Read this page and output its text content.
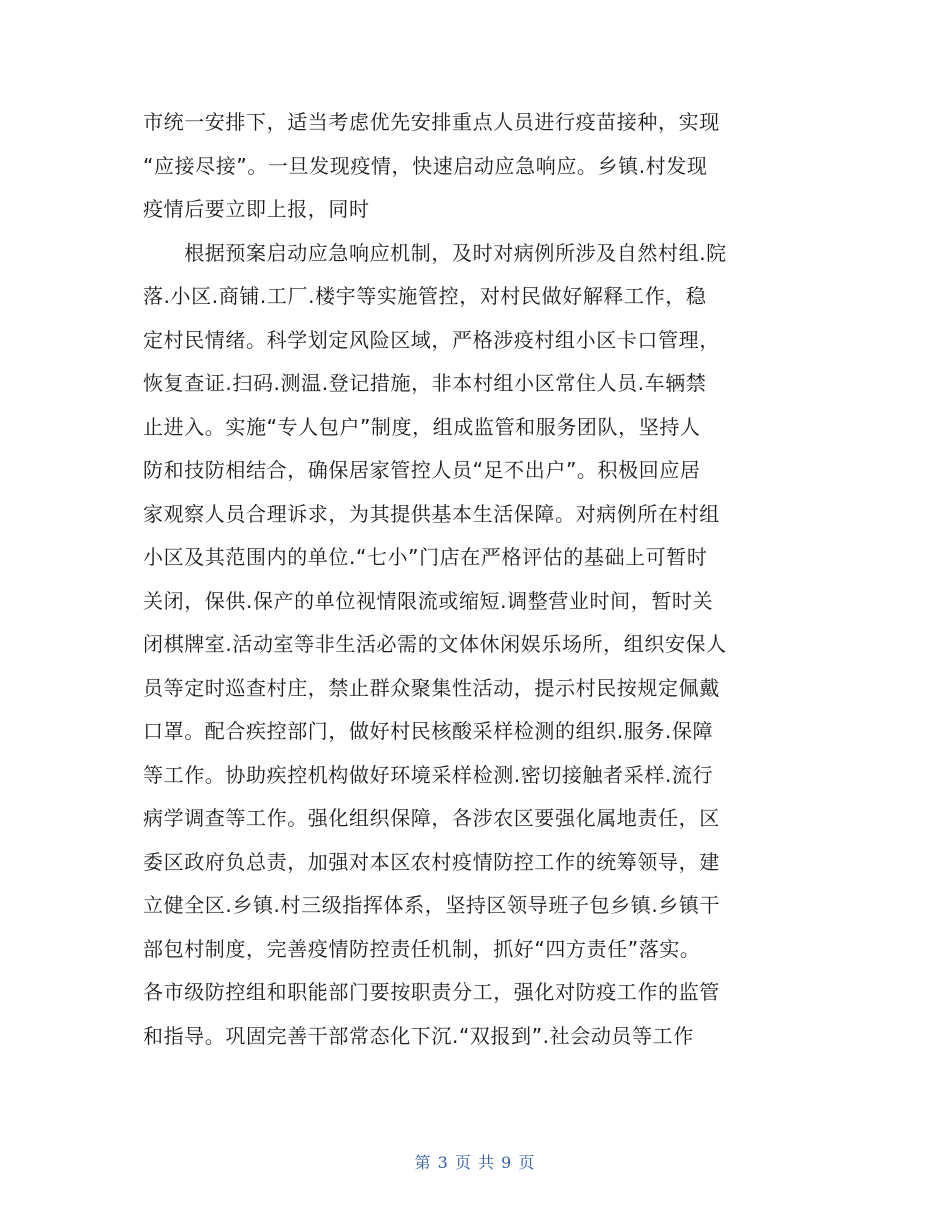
市统一安排下，适当考虑优先安排重点人员进行疫苗接种，实现
“应接尽接”。一旦发现疫情，快速启动应急响应。乡镇.村发现
疫情后要立即上报，同时
　　根据预案启动应急响应机制，及时对病例所涉及自然村组.院
落.小区.商铺.工厂.楼宇等实施管控，对村民做好解释工作，稳
定村民情绪。科学划定风险区域，严格涉疫村组小区卡口管理，
恢复查证.扫码.测温.登记措施，非本村组小区常住人员.车辆禁
止进入。实施“专人包户”制度，组成监管和服务团队，坚持人
防和技防相结合，确保居家管控人员“足不出户”。积极回应居
家观察人员合理诉求，为其提供基本生活保障。对病例所在村组
小区及其范围内的单位.“七小”门店在严格评估的基础上可暂时
关闭，保供.保产的单位视情限流或缩短.调整营业时间，暂时关
闭棋牌室.活动室等非生活必需的文体休闲娱乐场所，组织安保人
员等定时巡查村庄，禁止群众聚集性活动，提示村民按规定佩戴
口罩。配合疾控部门，做好村民核酸采样检测的组织.服务.保障
等工作。协助疾控机构做好环境采样检测.密切接触者采样.流行
病学调查等工作。强化组织保障，各涉农区要强化属地责任，区
委区政府负总责，加强对本区农村疫情防控工作的统筹领导，建
立健全区.乡镇.村三级指挥体系，坚持区领导班子包乡镇.乡镇干
部包村制度，完善疫情防控责任机制，抓好“四方责任”落实。
各市级防控组和职能部门要按职责分工，强化对防疫工作的监管
和指导。巩固完善干部常态化下沉.“双报到”.社会动员等工作
第 3 页 共 9 页
